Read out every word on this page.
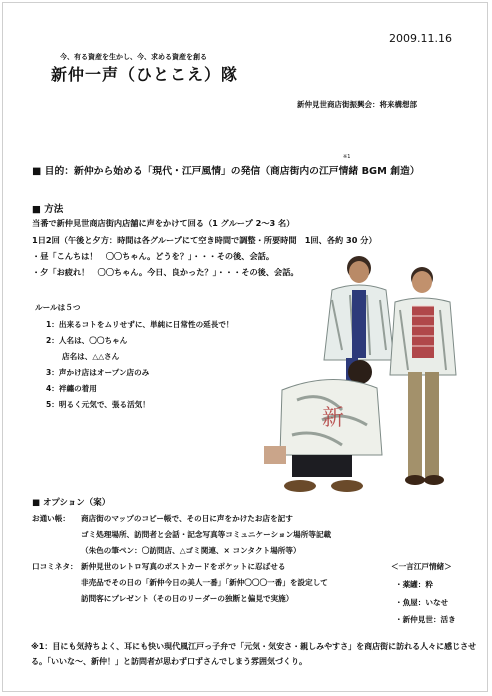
2009.11.16
今、有る資産を生かし、今、求める資産を創る
新仲一声（ひとこえ）隊
新仲見世商店街振興会：将来構想部
※1
■ 目的：新仲から始める「現代・江戸風情」の発信（商店街内の江戸情緒 BGM 創造）
■ 方法
当番で新仲見世商店街内店舗に声をかけて回る（1 グループ 2〜3 名）
1日2回（午後と夕方：時間は各グループにて空き時間で調整・所要時間　1回、各約 30 分）
・昼「こんちは！　〇〇ちゃん。どうを？」・・・その後、会話。
・夕「お疲れ！　〇〇ちゃん。今日、良かった？」・・・その後、会話。
ルールは５つ
1：出来るコトをムリせずに、単純に日常性の延長で！
2：人名は、〇〇ちゃん
店名は、△△さん
3：声かけ店はオープン店のみ
4：袢纏の着用
5：明るく元気で、張る活気！
新
■ オプション（案）
お通い帳： 商店街のマップのコピー帳で、その日に声をかけたお店を記す
ゴミ処理場所、訪問者と会話・記念写真等コミュニケーション場所等記載
（朱色の筆ペン：〇訪問店、△ゴミ関連、× コンタクト場所等）
口コミネタ： 新仲見世のレトロ写真のポストカードをポケットに忍ばせる
非売品でその日の「新仲今日の美人一番」「新仲〇〇〇一番」を設定して
訪問客にプレゼント（その日のリーダーの独断と偏見で実施）
＜一言江戸情緒＞
・薬罐：粋
・魚屋：いなせ
・新仲見世：活き
※1：目にも気持ちよく、耳にも快い現代風江戸っ子弁で「元気・気安さ・親しみやすさ」を商店街に訪れる人々に感じさせる。「いいな〜、新仲！」と訪問者が思わず口ずさんでしまう雰囲気づくり。
